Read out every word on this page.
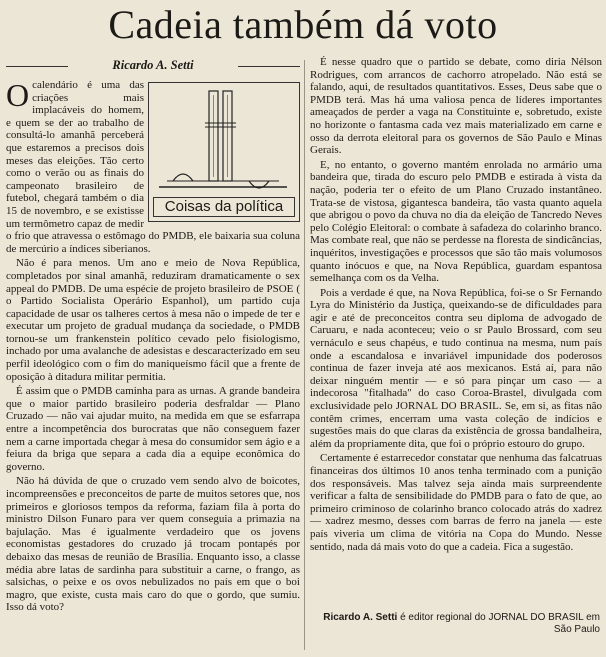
Cadeia também dá voto
Ricardo A. Setti

O
Coisas da política
calendário é uma das criações mais implacáveis do homem, e quem se der ao trabalho de consultá-lo amanhã perceberá que estaremos a precisos dois meses das eleições. Tão certo como o verão ou as finais do campeonato brasileiro de futebol, chegará também o dia 15 de novembro, e se existisse um termômetro capaz de medir o frio que atravessa o estômago do PMDB, ele baixaria sua coluna de mercúrio a índices siberianos.

Não é para menos. Um ano e meio de Nova República, completados por sinal amanhã, reduziram dramaticamente o sex appeal do PMDB. De uma espécie de projeto brasileiro de PSOE ( o Partido Socialista Operário Espanhol), um partido cuja capacidade de usar os talheres certos à mesa não o impede de ter e executar um projeto de gradual mudança da sociedade, o PMDB tornou-se um frankenstein político cevado pelo fisiologismo, inchado por uma avalanche de adesistas e descaracterizado em seu perfil ideológico com o fim do maniqueísmo fácil que a frente de oposição à ditadura militar permitia.

É assim que o PMDB caminha para as urnas. A grande bandeira que o maior partido brasileiro poderia desfraldar — Plano Cruzado — não vai ajudar muito, na medida em que se esfarrapa entre a incompetência dos burocratas que não conseguem fazer nem a carne importada chegar à mesa do consumidor sem ágio e a feiura da briga que separa a cada dia a equipe econômica do governo.

Não há dúvida de que o cruzado vem sendo alvo de boicotes, incompreensões e preconceitos de parte de muitos setores que, nos primeiros e gloriosos tempos da reforma, faziam fila à porta do ministro Dilson Funaro para ver quem conseguia a primazia na bajulação. Mas é igualmente verdadeiro que os jovens economistas gestadores do cruzado já trocam pontapés por debaixo das mesas de reunião de Brasília. Enquanto isso, a classe média abre latas de sardinha para substituir a carne, o frango, as salsichas, o peixe e os ovos nebulizados no país em que o boi magro, que existe, custa mais caro do que o gordo, que sumiu. Isso dá voto?

É nesse quadro que o partido se debate, como diria Nélson Rodrigues, com arrancos de cachorro atropelado. Não está se falando, aqui, de resultados quantitativos. Esses, Deus sabe que o PMDB terá. Mas há uma valiosa penca de líderes importantes ameaçados de perder a vaga na Constituinte e, sobretudo, existe no horizonte o fantasma cada vez mais materializado em carne e osso da derrota eleitoral para os governos de São Paulo e Minas Gerais.

E, no entanto, o governo mantém enrolada no armário uma bandeira que, tirada do escuro pelo PMDB e estirada à vista da nação, poderia ter o efeito de um Plano Cruzado instantâneo. Trata-se de vistosa, gigantesca bandeira, tão vasta quanto aquela que abrigou o povo da chuva no dia da eleição de Tancredo Neves pelo Colégio Eleitoral: o combate à safadeza do colarinho branco. Mas combate real, que não se perdesse na floresta de sindicâncias, inquéritos, investigações e processos que são tão mais volumosos quanto inócuos e que, na Nova República, guardam espantosa semelhança com os da Velha.

Pois a verdade é que, na Nova República, foi-se o Sr Fernando Lyra do Ministério da Justiça, queixando-se de dificuldades para agir e até de preconceitos contra seu diploma de advogado de Caruaru, e nada aconteceu; veio o sr Paulo Brossard, com seu vernáculo e seus chapéus, e tudo continua na mesma, num país onde a escandalosa e invariável impunidade dos poderosos continua de fazer inveja até aos mexicanos. Está aí, para não deixar ninguém mentir — e só para pinçar um caso — a indecorosa "fitalhada" do caso Coroa-Brastel, divulgada com exclusividade pelo JORNAL DO BRASIL. Se, em si, as fitas não contêm crimes, encerram uma vasta coleção de indícios e sugestões mais do que claras da existência de grossa bandalheira, além da propriamente dita, que foi o próprio estouro do grupo.

Certamente é estarrecedor constatar que nenhuma das falcatruas financeiras dos últimos 10 anos tenha terminado com a punição dos responsáveis. Mas talvez seja ainda mais surpreendente verificar a falta de sensibilidade do PMDB para o fato de que, ao primeiro criminoso de colarinho branco colocado atrás do xadrez — xadrez mesmo, desses com barras de ferro na janela — este país viveria um clima de vitória na Copa do Mundo. Nesse sentido, nada dá mais voto do que a cadeia. Fica a sugestão.

Ricardo A. Setti é editor regional do JORNAL DO BRASIL em São Paulo
